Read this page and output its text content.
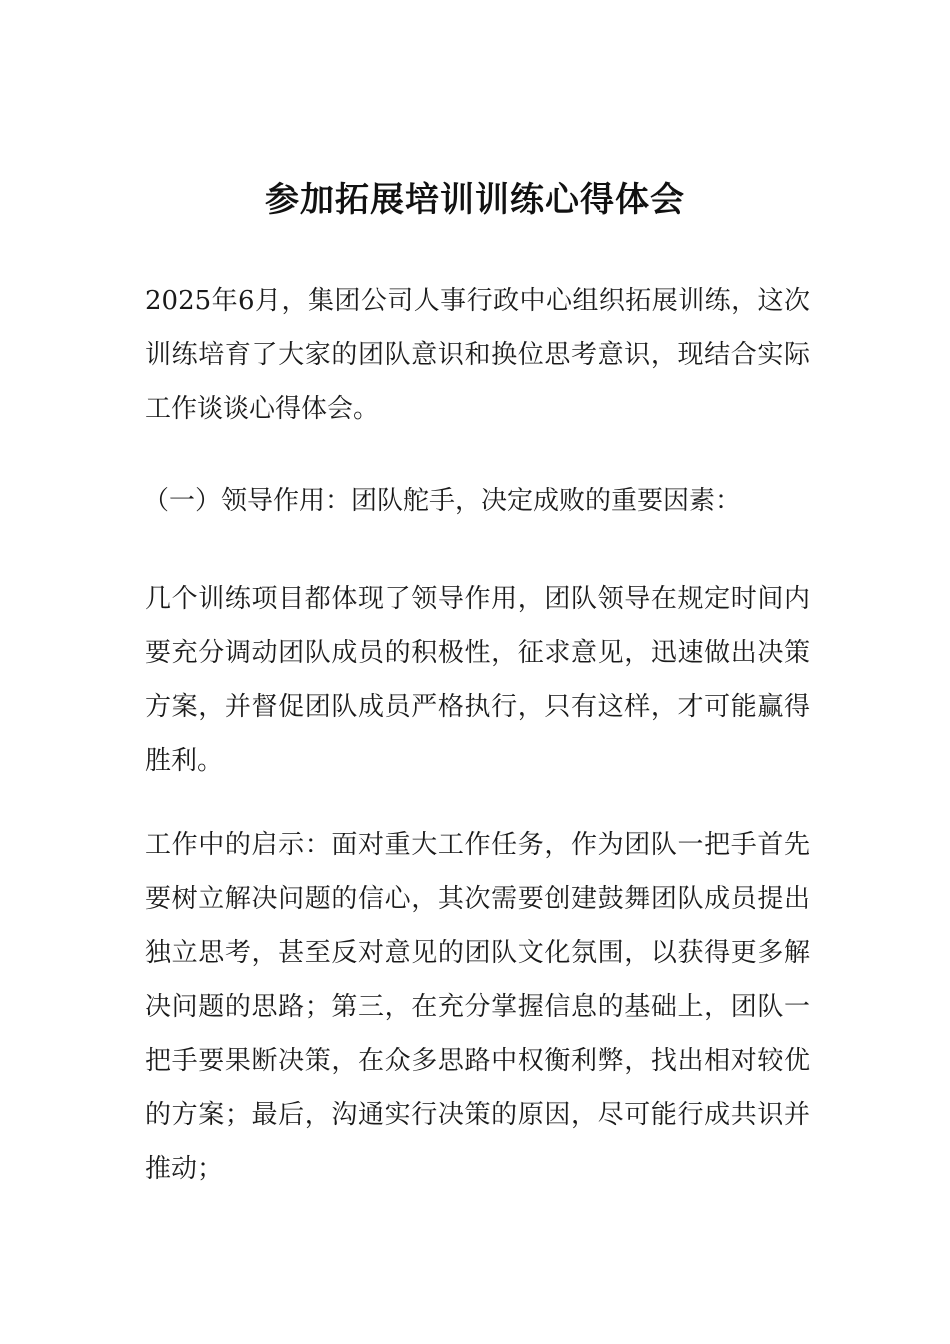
参加拓展培训训练心得体会
2025年6月，集团公司人事行政中心组织拓展训练，这次训练培育了大家的团队意识和换位思考意识，现结合实际工作谈谈心得体会。
（一）领导作用：团队舵手，决定成败的重要因素：
几个训练项目都体现了领导作用，团队领导在规定时间内要充分调动团队成员的积极性，征求意见，迅速做出决策方案，并督促团队成员严格执行，只有这样，才可能赢得胜利。
工作中的启示：面对重大工作任务，作为团队一把手首先要树立解决问题的信心，其次需要创建鼓舞团队成员提出独立思考，甚至反对意见的团队文化氛围，以获得更多解决问题的思路；第三，在充分掌握信息的基础上，团队一把手要果断决策，在众多思路中权衡利弊，找出相对较优的方案；最后，沟通实行决策的原因，尽可能行成共识并推动；
